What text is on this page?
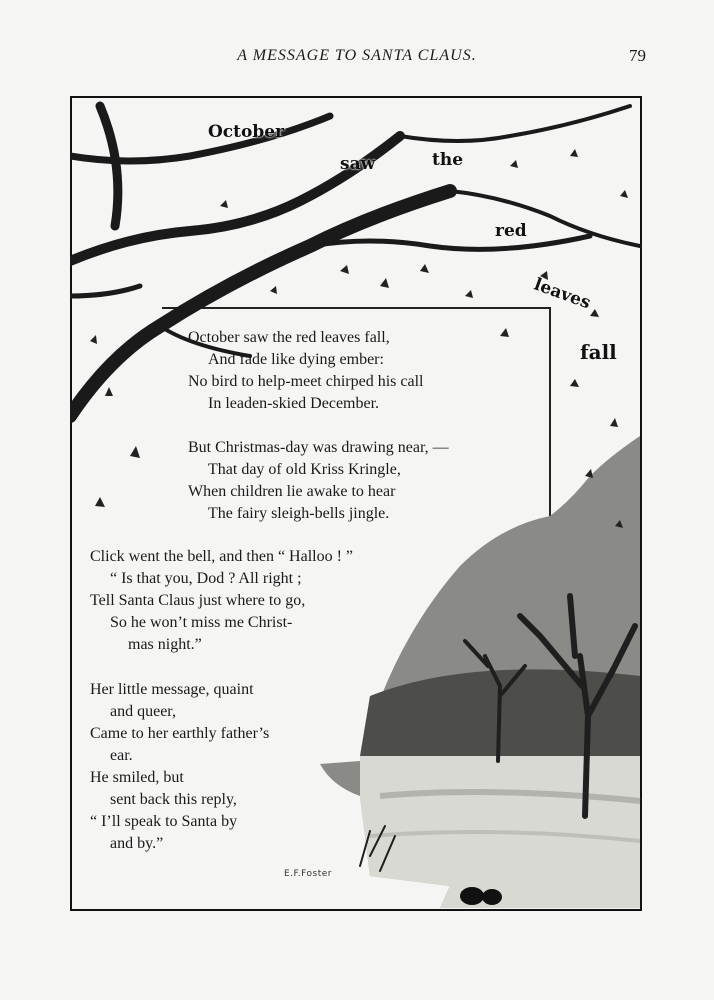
A MESSAGE TO SANTA CLAUS.	79
October
saw	the
red
leaves
fall
October saw the red leaves fall,
And fade like dying ember:
No bird to help-meet chirped his call
In leaden-skied December.
But Christmas-day was drawing near, —
That day of old Kriss Kringle,
When children lie awake to hear
The fairy sleigh-bells jingle.
Click went the bell, and then “ Halloo ! ”
“ Is that you, Dod ? All right ;
Tell Santa Claus just where to go,
So he won’t miss me Christ-
mas night.”
Her little message, quaint
and queer,
Came to her earthly father’s
ear.
He smiled, but
sent back this reply,
“ I’ll speak to Santa by
and by.”
E.F.Foster
